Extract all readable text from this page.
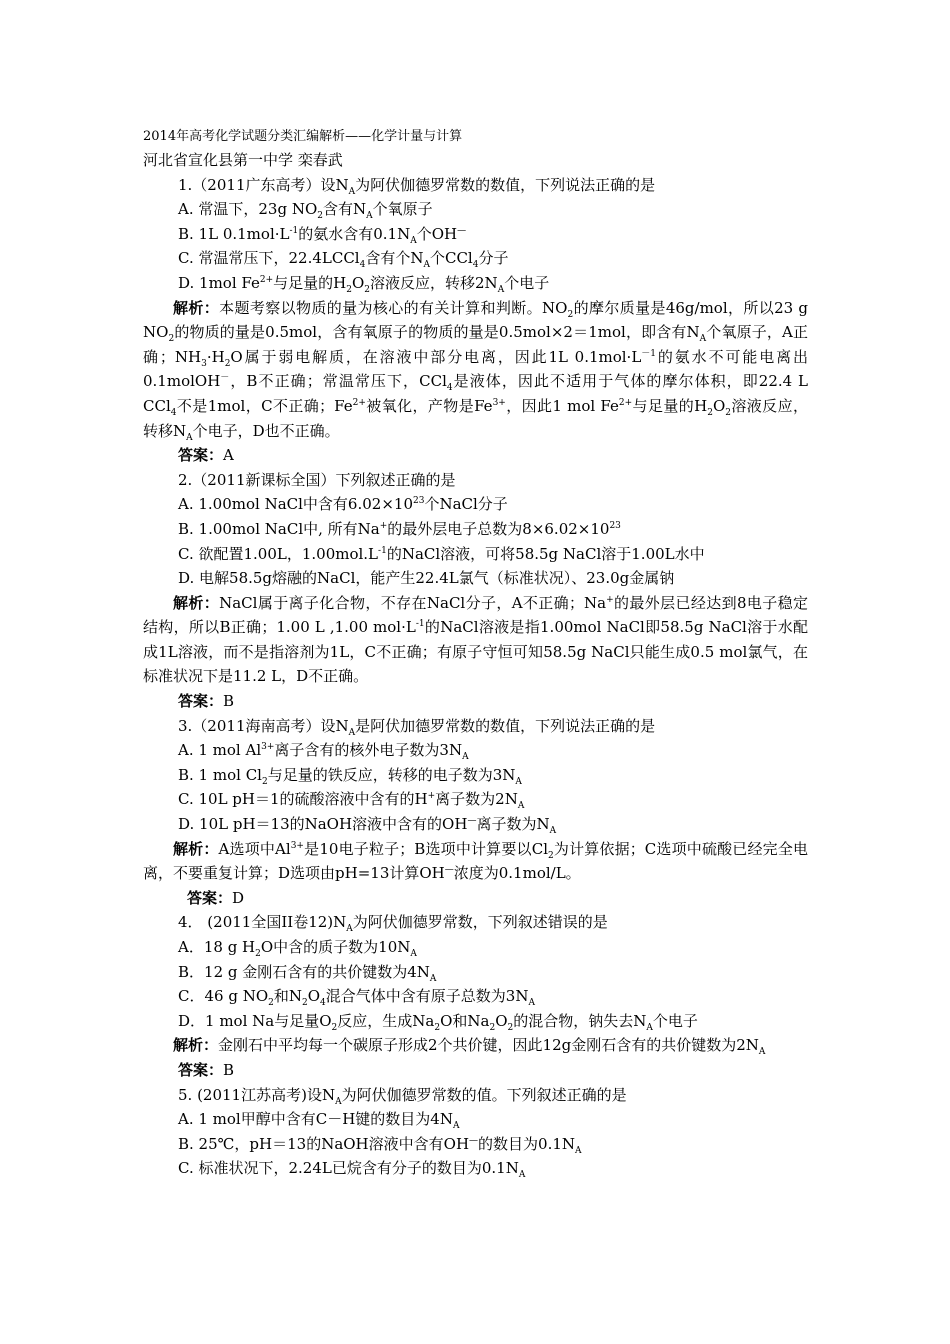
2014年高考化学试题分类汇编解析——化学计量与计算

河北省宣化县第一中学 栾春武

1.（2011广东高考）设$N_A$为阿伏伽德罗常数的数值，下列说法正确的是

A. 常温下，23g $NO_2$含有$N_A$个氧原子

B. 1L $0.1mol\cdot L^{-1}$的氨水含有$0.1N_A$个OH—

C. 常温常压下，22.4LCCl$_4$含有个$N_A$个CCl$_4$分子

D. 1mol $Fe^{2+}$与足量的$H_2O_2$溶液反应，转移$2N_A$个电子

解析：本题考察以物质的量为核心的有关计算和判断。$NO_2$的摩尔质量是46g/mol，所以23 g $NO_2$的物质的量是0.5mol，含有氧原子的物质的量是0.5mol×2＝1mol，即含有$N_A$个氧原子，A正确；$NH_3\cdot H_2O$属于弱电解质，在溶液中部分电离，因此1L $0.1mol\cdot L^{-1}$的氨水不可能电离出0.1molOH－，B不正确；常温常压下，CCl$_4$是液体，因此不适用于气体的摩尔体积，即22.4 L CCl$_4$不是1mol，C不正确；$Fe^{2+}$被氧化，产物是$Fe^{3+}$，因此1 mol $Fe^{2+}$与足量的$H_2O_2$溶液反应，转移$N_A$个电子，D也不正确。

答案：A

2.（2011新课标全国）下列叙述正确的是

A. 1.00mol NaCl中含有$6.02\times 10^{23}$个NaCl分子

B. 1.00mol NaCl中, 所有Na+的最外层电子总数为$8\times 6.02\times 10^{23}$

C. 欲配置1.00L，$1.00mol.L^{-1}$的NaCl溶液，可将58.5g NaCl溶于1.00L水中

D. 电解58.5g熔融的NaCl，能产生22.4L氯气（标准状况）、23.0g金属钠

解析：NaCl属于离子化合物，不存在NaCl分子，A不正确；Na+的最外层已经达到8电子稳定结构，所以B正确；1.00 L ,1.00 $mol\cdot L^{-1}$的NaCl溶液是指1.00mol NaCl即58.5g NaCl溶于水配成1L溶液，而不是指溶剂为1L，C不正确；有原子守恒可知58.5g NaCl只能生成0.5 mol氯气，在标准状况下是11.2 L，D不正确。

答案：B

3.（2011海南高考）设$N_A$是阿伏加德罗常数的数值，下列说法正确的是

A. 1 mol $Al^{3+}$离子含有的核外电子数为$3N_A$

B. 1 mol $Cl_2$与足量的铁反应，转移的电子数为$3N_A$

C. 10L pH＝1的硫酸溶液中含有的H+离子数为$2N_A$

D. 10L pH＝13的NaOH溶液中含有的OH—离子数为$N_A$

解析：A选项中$Al^{3+}$是10电子粒子；B选项中计算要以$Cl_2$为计算依据；C选项中硫酸已经完全电离，不要重复计算；D选项由pH=13计算OH—浓度为0.1mol/L。

答案：D

4． (2011全国II卷$12)N_A$为阿伏伽德罗常数，下列叙述错误的是

A．18 g $H_2O$中含的质子数为$10N_A$

B．12 g 金刚石含有的共价键数为$4N_A$

C．46 g $NO_2$和$N_2O_4$混合气体中含有原子总数为$3N_A$

D．1 mol Na与足量$O_2$反应，生成$Na_2O$和$Na_2O_2$的混合物，钠失去$N_A$个电子

解析：金刚石中平均每一个碳原子形成2个共价键，因此12g金刚石含有的共价键数为$2N_A$

答案：B

5. (2011江苏高考)设$N_A$为阿伏伽德罗常数的值。下列叙述正确的是

A. 1 mol甲醇中含有C－H键的数目为$4N_A$

B. 25℃，pH＝13的NaOH溶液中含有OH—的数目为$0.1N_A$

C. 标准状况下，2.24L已烷含有分子的数目为$0.1N_A$
